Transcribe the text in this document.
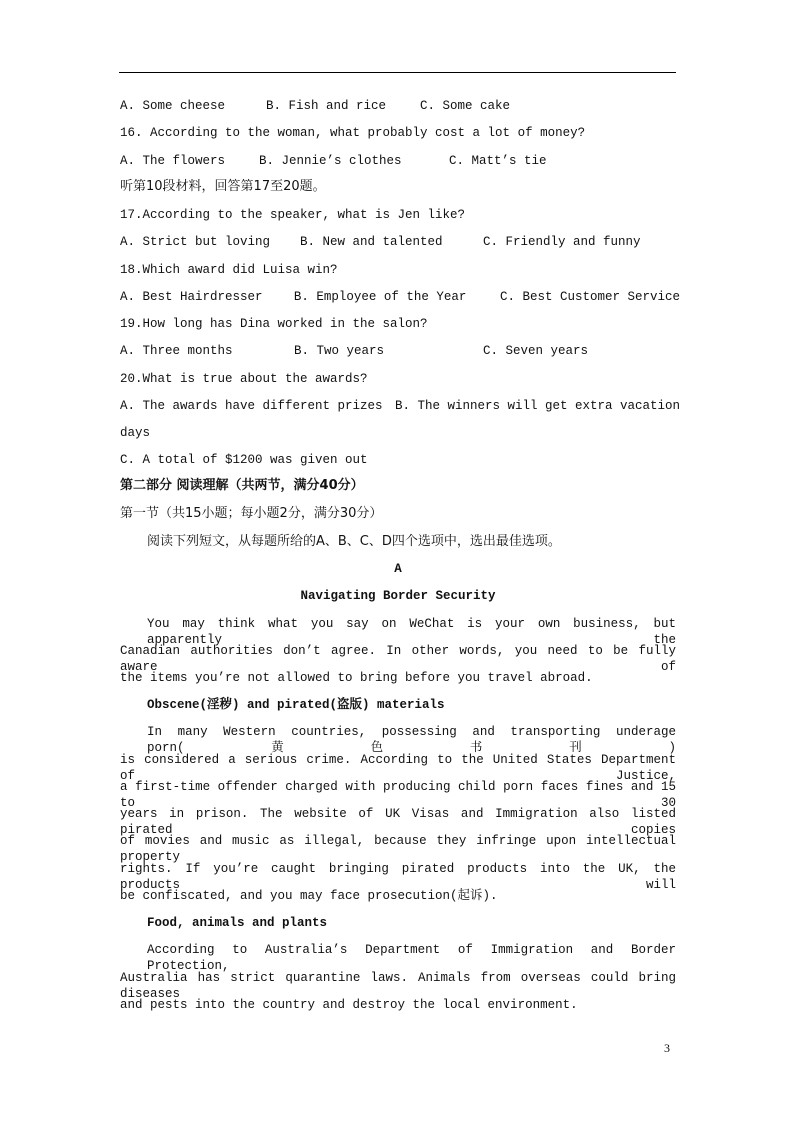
A. Some cheese	B. Fish and rice	C. Some cake
16. According to the woman, what probably cost a lot of money?
A. The flowers	B. Jennie’s clothes	C. Matt’s tie
听第10段材料，回答第17至20题。
17.According to the speaker, what is Jen like?
A. Strict but loving	B. New and talented	C. Friendly and funny
18.Which award did Luisa win?
A. Best Hairdresser	B. Employee of the Year	C. Best Customer Service
19.How long has Dina worked in the salon?
A. Three months	B. Two years	C. Seven years
20.What is true about the awards?
A. The awards have different prizes B. The winners will get extra vacation
days
C. A total of $1200 was given out
第二部分 阅读理解（共两节，满分40分）
第一节（共15小题；每小题2分，满分30分）
阅读下列短文，从每题所给的A、B、C、D四个选项中，选出最佳选项。
A
Navigating Border Security
You may think what you say on WeChat is your own business, but apparently the
Canadian authorities don’t agree. In other words, you need to be fully aware of
the items you’re not allowed to bring before you travel abroad.
Obscene(淫秽) and pirated(盗版) materials
In many Western countries, possessing and transporting underage porn(黄色书刊)
is considered a serious crime. According to the United States Department of Justice,
a first-time offender charged with producing child porn faces fines and 15 to 30
years in prison. The website of UK Visas and Immigration also listed pirated copies
of movies and music as illegal, because they infringe upon intellectual property
rights. If you’re caught bringing pirated products into the UK, the products will
be confiscated, and you may face prosecution(起诉).
Food, animals and plants
According to Australia’s Department of Immigration and Border Protection,
Australia has strict quarantine laws. Animals from overseas could bring diseases
and pests into the country and destroy the local environment.
3
